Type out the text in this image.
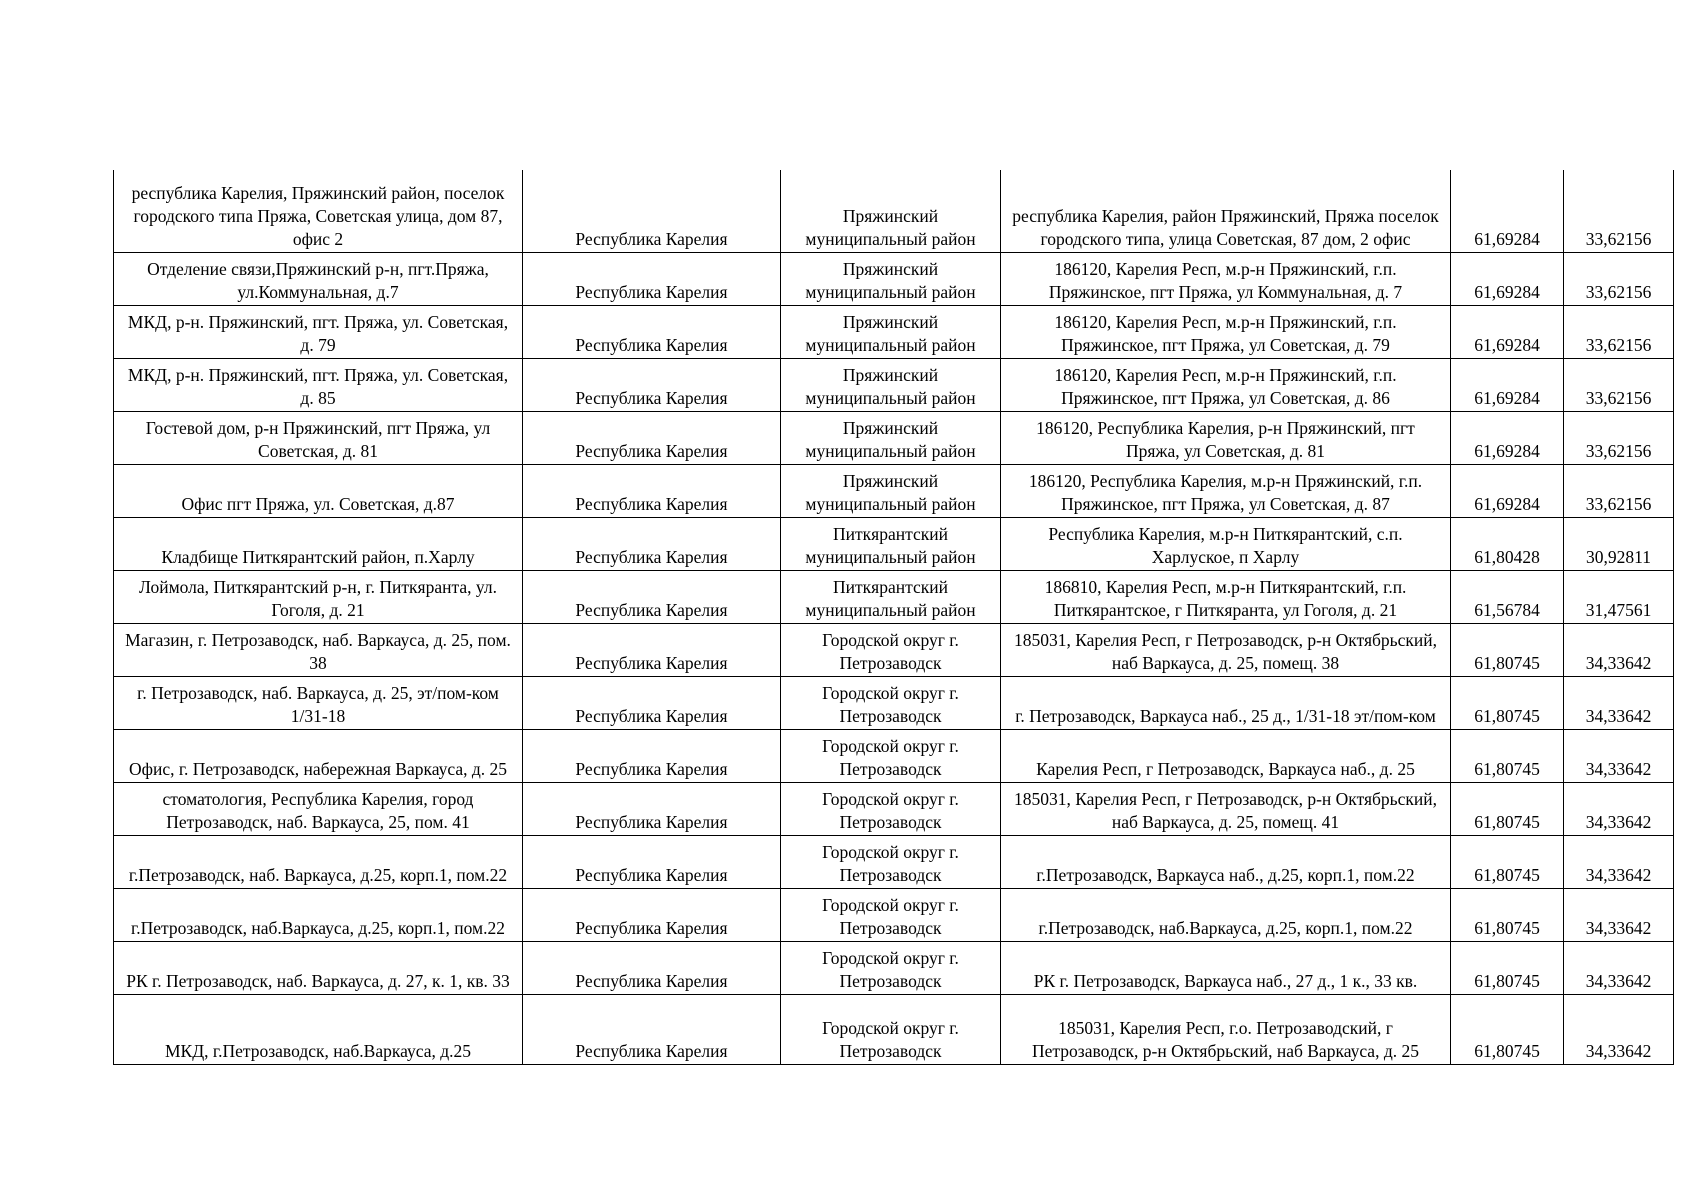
республика Карелия, Пряжинский район, поселок городского типа Пряжа, Советская улица, дом 87, офис 2	Республика Карелия	Пряжинский муниципальный район	республика Карелия, район Пряжинский, Пряжа поселок городского типа, улица Советская, 87 дом, 2 офис	61,69284	33,62156
Отделение связи,Пряжинский р-н, пгт.Пряжа, ул.Коммунальная, д.7	Республика Карелия	Пряжинский муниципальный район	186120, Карелия Респ, м.р-н Пряжинский, г.п. Пряжинское, пгт Пряжа, ул Коммунальная, д. 7	61,69284	33,62156
МКД, р-н. Пряжинский, пгт. Пряжа, ул. Советская, д. 79	Республика Карелия	Пряжинский муниципальный район	186120, Карелия Респ, м.р-н Пряжинский, г.п. Пряжинское, пгт Пряжа, ул Советская, д. 79	61,69284	33,62156
МКД, р-н. Пряжинский, пгт. Пряжа, ул. Советская, д. 85	Республика Карелия	Пряжинский муниципальный район	186120, Карелия Респ, м.р-н Пряжинский, г.п. Пряжинское, пгт Пряжа, ул Советская, д. 86	61,69284	33,62156
Гостевой дом, р-н Пряжинский, пгт Пряжа, ул Советская, д. 81	Республика Карелия	Пряжинский муниципальный район	186120, Республика Карелия, р-н Пряжинский, пгт Пряжа, ул Советская, д. 81	61,69284	33,62156
Офис пгт Пряжа, ул. Советская, д.87	Республика Карелия	Пряжинский муниципальный район	186120, Республика Карелия, м.р-н Пряжинский, г.п. Пряжинское, пгт Пряжа, ул Советская, д. 87	61,69284	33,62156
Кладбище Питкярантский район, п.Харлу	Республика Карелия	Питкярантский муниципальный район	Республика Карелия, м.р-н Питкярантский, с.п. Харлуское, п Харлу	61,80428	30,92811
Лоймола, Питкярантский р-н, г. Питкяранта, ул. Гоголя, д. 21	Республика Карелия	Питкярантский муниципальный район	186810, Карелия Респ, м.р-н Питкярантский, г.п. Питкярантское, г Питкяранта, ул Гоголя, д. 21	61,56784	31,47561
Магазин, г. Петрозаводск, наб. Варкауса, д. 25, пом. 38	Республика Карелия	Городской округ г. Петрозаводск	185031, Карелия Респ, г Петрозаводск, р-н Октябрьский, наб Варкауса, д. 25, помещ. 38	61,80745	34,33642
г. Петрозаводск, наб. Варкауса, д. 25, эт/пом-ком 1/31-18	Республика Карелия	Городской округ г. Петрозаводск	г. Петрозаводск, Варкауса наб., 25 д., 1/31-18 эт/пом-ком	61,80745	34,33642
Офис, г. Петрозаводск, набережная Варкауса, д. 25	Республика Карелия	Городской округ г. Петрозаводск	Карелия Респ, г Петрозаводск, Варкауса наб., д. 25	61,80745	34,33642
стоматология, Республика Карелия, город Петрозаводск, наб. Варкауса, 25, пом. 41	Республика Карелия	Городской округ г. Петрозаводск	185031, Карелия Респ, г Петрозаводск, р-н Октябрьский, наб Варкауса, д. 25, помещ. 41	61,80745	34,33642
г.Петрозаводск, наб. Варкауса, д.25, корп.1, пом.22	Республика Карелия	Городской округ г. Петрозаводск	г.Петрозаводск, Варкауса наб., д.25, корп.1, пом.22	61,80745	34,33642
г.Петрозаводск, наб.Варкауса, д.25, корп.1, пом.22	Республика Карелия	Городской округ г. Петрозаводск	г.Петрозаводск, наб.Варкауса, д.25, корп.1, пом.22	61,80745	34,33642
РК г. Петрозаводск, наб. Варкауса, д. 27, к. 1, кв. 33	Республика Карелия	Городской округ г. Петрозаводск	РК г. Петрозаводск, Варкауса наб., 27 д., 1 к., 33 кв.	61,80745	34,33642
МКД, г.Петрозаводск, наб.Варкауса, д.25	Республика Карелия	Городской округ г. Петрозаводск	185031, Карелия Респ, г.о. Петрозаводский, г Петрозаводск, р-н Октябрьский, наб Варкауса, д. 25	61,80745	34,33642
